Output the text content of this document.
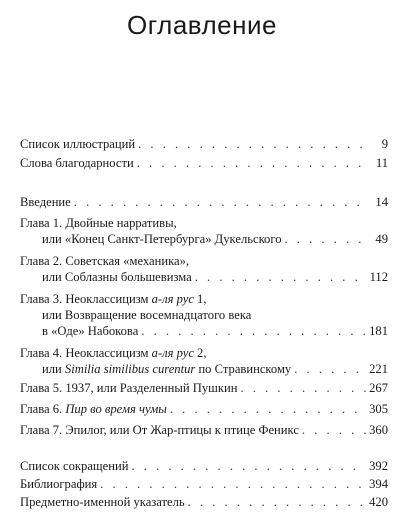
Оглавление
Список иллюстраций . . .	9
Слова благодарности . . .	11
Введение . . .	14
Глава 1. Двойные нарративы,
или «Конец Санкт-Петербурга» Дукельского . . .	49
Глава 2. Советская «механика»,
или Соблазны большевизма . . .	112
Глава 3. Неоклассицизм а-ля рус 1,
или Возвращение восемнадцатого века
в «Оде» Набокова . . .	181
Глава 4. Неоклассицизм а-ля рус 2,
или Similia similibus curentur по Стравинскому . . .	221
Глава 5. 1937, или Разделенный Пушкин . . .	267
Глава 6. Пир во время чумы . . .	305
Глава 7. Эпилог, или От Жар-птицы к птице Феникс . . .	360
Список сокращений . . .	392
Библиография . . .	394
Предметно-именной указатель . . .	420
